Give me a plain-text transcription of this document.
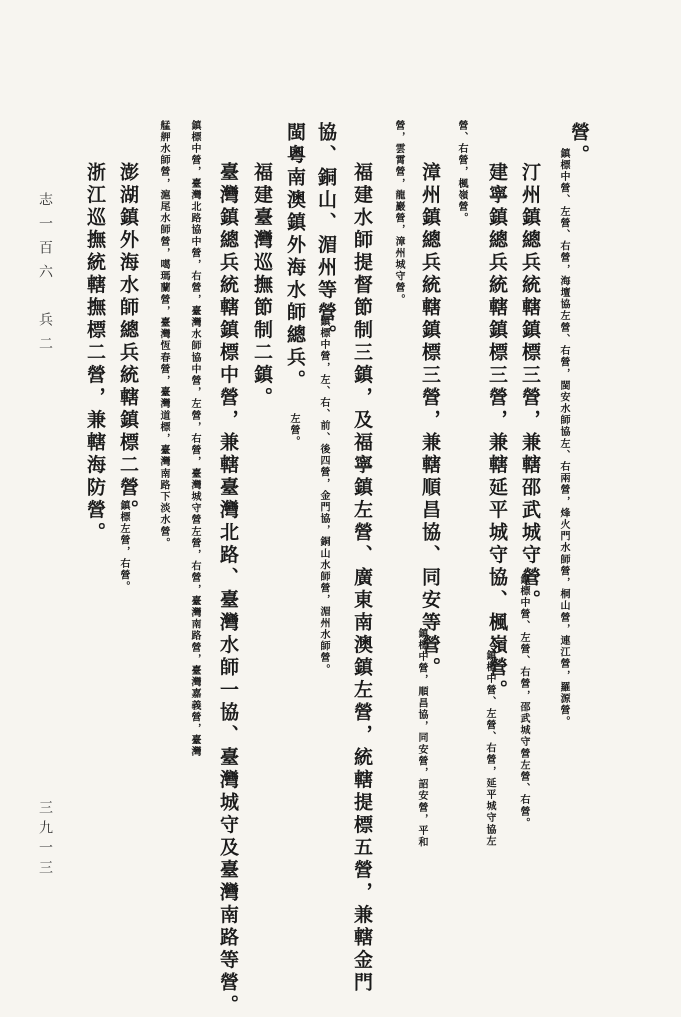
營。
鎮標中營、左營、右營，海壇協左營、右營，閩安水師協左、右兩營，烽火門水師營，桐山營，連江營，羅源營。
汀州鎮總兵統轄鎮標三營，兼轄邵武城守營。
鎮標中營、左營、右營，邵武城守營左營、右營。
建寧鎮總兵統轄鎮標三營，兼轄延平城守協、楓嶺營。
鎮標中營、左營、右營，延平城守協左
營、右營，楓嶺營。
漳州鎮總兵統轄鎮標三營，兼轄順昌協、同安等營。
鎮標中營，順昌協，同安營，詔安營，平和
營，雲霄營，龍巖營，漳州城守營。
福建水師提督節制三鎮，及福寧鎮左營、廣東南澳鎮左營，統轄提標五營，兼轄金門
協、銅山、湄州等營。
鎮標中營，左、右、前、後四營，金門協，銅山水師營，湄州水師營。
閩粵南澳鎮外海水師總兵。
左營。
福建臺灣巡撫節制二鎮。
臺灣鎮總兵統轄鎮標中營，兼轄臺灣北路、臺灣水師一協、臺灣城守及臺灣南路等營。
鎮標中營，臺灣北路協中營，右營，臺灣水師協中營，左營，右營，臺灣城守營左營，右營，臺灣南路營，臺灣嘉義營，臺灣
艋舺水師營，滬尾水師營，噶瑪蘭營，臺灣恆春營，臺灣道標，臺灣南路下淡水營。
澎湖鎮外海水師總兵統轄鎮標二營。
鎮標左營，右營。
浙江巡撫統轄撫標二營，兼轄海防營。
志一百六　兵二
三九一三
